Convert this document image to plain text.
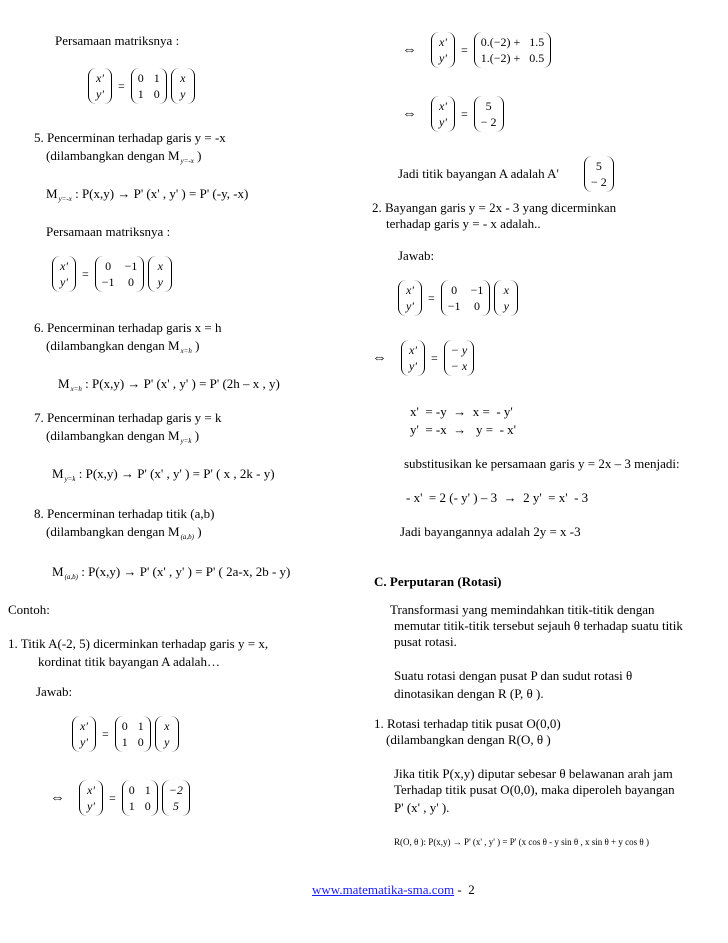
Persamaan matriksnya :
x'
y'
=
0 1
1 0
x
y
5. Pencerminan terhadap garis y = -x
(dilambangkan dengan $M_{y=-x}$ )
$M_{y=-x}$ : P(x,y) → P' (x' , y' ) = P' (-y, -x)
Persamaan matriksnya :
x'
y'
=
0 −1
−1 0
x
y
6. Pencerminan terhadap garis x = h
(dilambangkan dengan $M_{x=h}$ )
$M_{x=h}$ : P(x,y) → P' (x' , y' ) = P' (2h – x , y)
7. Pencerminan terhadap garis y = k
(dilambangkan dengan $M_{y=k}$ )
$M_{y=k}$ : P(x,y) → P' (x' , y' ) = P' ( x , 2k - y)
8. Pencerminan terhadap titik (a,b)
(dilambangkan dengan $M_{(a,b)}$ )
$M_{(a,b)}$ : P(x,y) → P' (x' , y' ) = P' ( 2a-x, 2b - y)
Contoh:
1. Titik A(-2, 5) dicerminkan terhadap garis y = x,
kordinat titik bayangan A adalah…
Jawab:
x'
y'
=
0 1
1 0
x
y
⇔ x'
y'
=
0 1
1 0
−2
5
⇔ x'
y'
=
0.(−2) +   1.5
1.(−2) +   0.5
⇔ x'
y'
=
5
− 2
Jadi titik bayangan A adalah A'	5
− 2
2. Bayangan garis y = 2x - 3 yang dicerminkan
terhadap garis y = - x adalah..
Jawab:
x'
y'
=
0 −1
−1 0
x
y
⇔ x'
y'
=
− y
− x
x'  = -y  →  x =  - y'
y'  = -x  →   y =  - x'
substitusikan ke persamaan garis y = 2x – 3 menjadi:
- x'  = 2 (- y' ) – 3  →  2 y'  = x'  - 3
Jadi bayangannya adalah 2y = x -3
C. Perputaran (Rotasi)
Transformasi yang memindahkan titik-titik dengan
memutar titik-titik tersebut sejauh θ terhadap suatu titik
pusat rotasi.
Suatu rotasi dengan pusat P dan sudut rotasi θ
dinotasikan dengan R (P, θ ).
1. Rotasi terhadap titik pusat O(0,0)
(dilambangkan dengan R(O, θ )
Jika titik P(x,y) diputar sebesar θ belawanan arah jam
Terhadap titik pusat O(0,0), maka diperoleh bayangan
P' (x' , y' ).
R(O, θ ): P(x,y) → P' (x' , y' ) = P' (x cos θ - y sin θ , x sin θ + y cos θ )
www.matematika-sma.com -  2
